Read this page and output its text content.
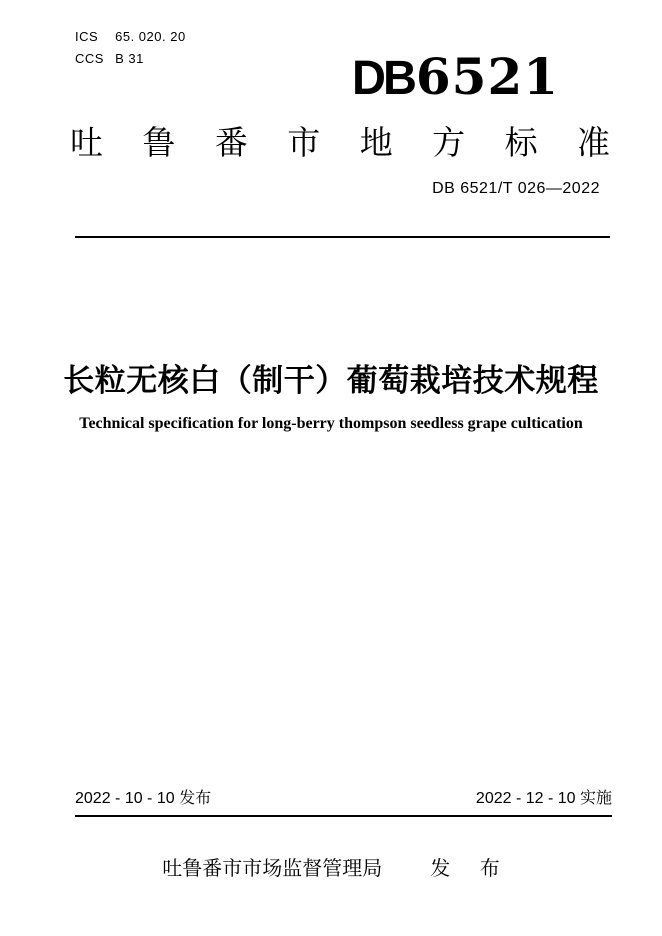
ICS 65. 020. 20
CCS B 31	DB 6521
吐鲁番市地方标准
DB 6521/T 026—2022
长粒无核白（制干）葡萄栽培技术规程
Technical specification for long-berry thompson seedless grape cultication
2022 - 10 - 10 发布	2022 - 12 - 10 实施
吐鲁番市市场监督管理局 发 布
